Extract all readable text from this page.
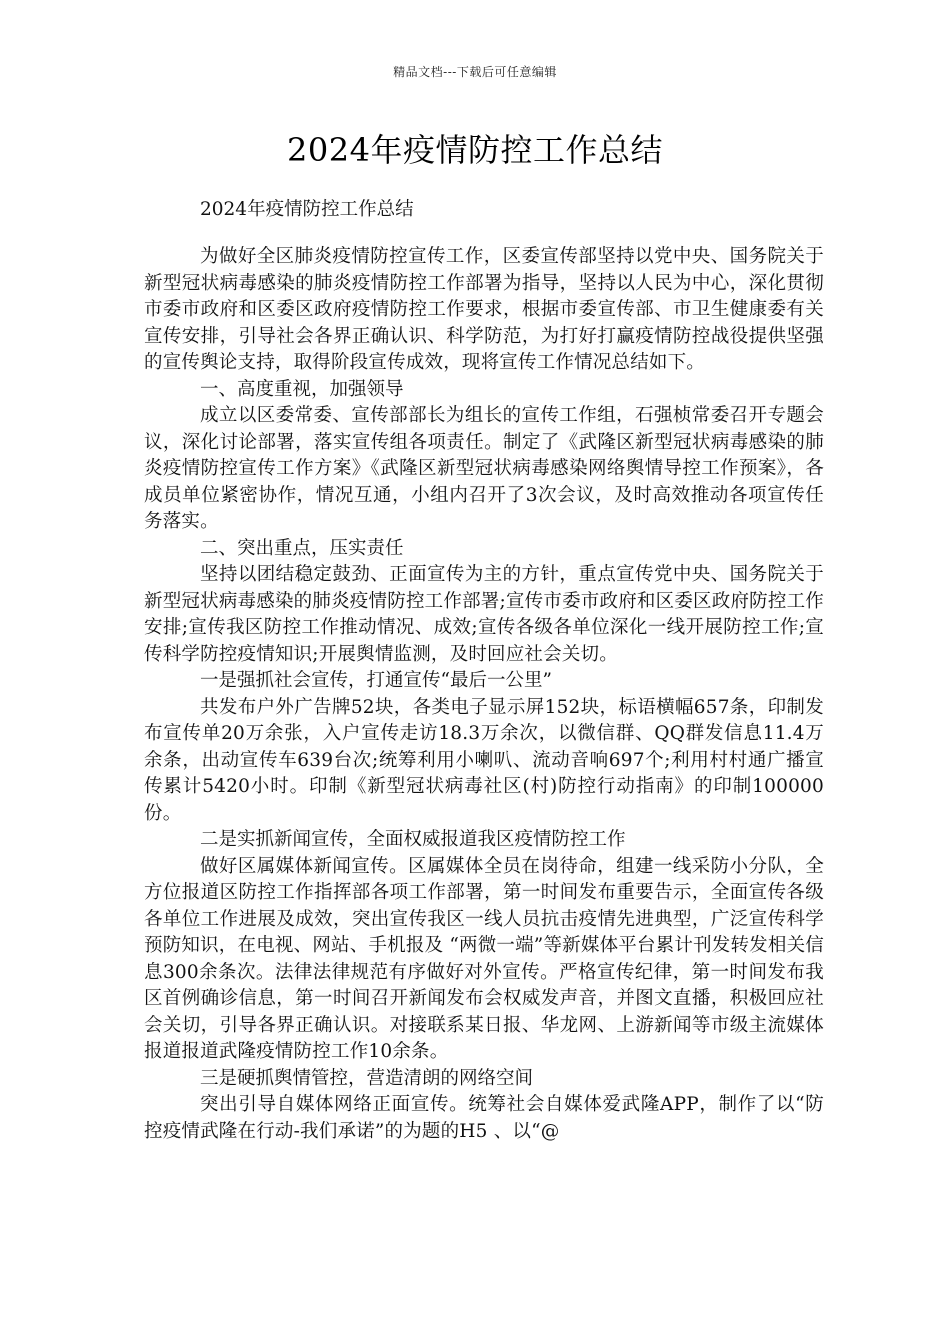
精品文档---下载后可任意编辑
2024年疫情防控工作总结

2024年疫情防控工作总结

为做好全区肺炎疫情防控宣传工作，区委宣传部坚持以党中央、国务院关于新型冠状病毒感染的肺炎疫情防控工作部署为指导，坚持以人民为中心，深化贯彻市委市政府和区委区政府疫情防控工作要求，根据市委宣传部、市卫生健康委有关宣传安排，引导社会各界正确认识、科学防范，为打好打赢疫情防控战役提供坚强的宣传舆论支持，取得阶段宣传成效，现将宣传工作情况总结如下。

一、高度重视，加强领导

成立以区委常委、宣传部部长为组长的宣传工作组，石强桢常委召开专题会议，深化讨论部署，落实宣传组各项责任。制定了《武隆区新型冠状病毒感染的肺炎疫情防控宣传工作方案》《武隆区新型冠状病毒感染网络舆情导控工作预案》，各成员单位紧密协作，情况互通，小组内召开了3次会议，及时高效推动各项宣传任务落实。

二、突出重点，压实责任

坚持以团结稳定鼓劲、正面宣传为主的方针，重点宣传党中央、国务院关于新型冠状病毒感染的肺炎疫情防控工作部署;宣传市委市政府和区委区政府防控工作安排;宣传我区防控工作推动情况、成效;宣传各级各单位深化一线开展防控工作;宣传科学防控疫情知识;开展舆情监测，及时回应社会关切。

一是强抓社会宣传，打通宣传“最后一公里”

共发布户外广告牌52块，各类电子显示屏152块，标语横幅657条，印制发布宣传单20万余张，入户宣传走访18.3万余次，以微信群、QQ群发信息11.4万余条，出动宣传车639台次;统筹利用小喇叭、流动音响697个;利用村村通广播宣传累计5420小时。印制《新型冠状病毒社区(村)防控行动指南》的印制100000份。

二是实抓新闻宣传，全面权威报道我区疫情防控工作

做好区属媒体新闻宣传。区属媒体全员在岗待命，组建一线采防小分队，全方位报道区防控工作指挥部各项工作部署，第一时间发布重要告示，全面宣传各级各单位工作进展及成效，突出宣传我区一线人员抗击疫情先进典型，广泛宣传科学预防知识，在电视、网站、手机报及 “两微一端”等新媒体平台累计刊发转发相关信息300余条次。法律法律规范有序做好对外宣传。严格宣传纪律，第一时间发布我区首例确诊信息，第一时间召开新闻发布会权威发声音，并图文直播，积极回应社会关切，引导各界正确认识。对接联系某日报、华龙网、上游新闻等市级主流媒体报道报道武隆疫情防控工作10余条。

三是硬抓舆情管控，营造清朗的网络空间

突出引导自媒体网络正面宣传。统筹社会自媒体爱武隆APP，制作了以“防控疫情武隆在行动-我们承诺”的为题的H5 、以“@
